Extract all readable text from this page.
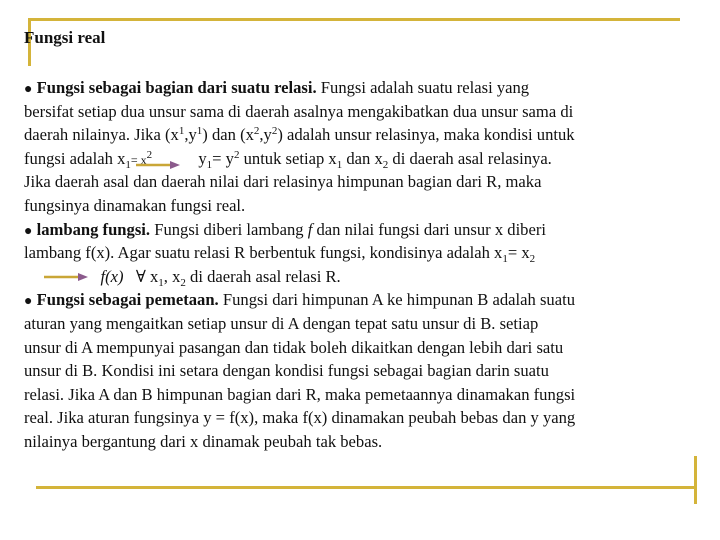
Fungsi real
● Fungsi sebagai bagian dari suatu relasi. Fungsi adalah suatu relasi yang
bersifat setiap dua unsur sama di daerah asalnya mengakibatkan dua unsur sama di
daerah nilainya. Jika $(x^1,y^1)$ dan $(x^2,y^2)$ adalah unsur relasinya, maka kondisi untuk
fungsi adalah $x_1= x^2$	$y_1= y^2$ untuk setiap $x_1$ dan $x_2$ di daerah asal relasinya.
Jika daerah asal dan daerah nilai dari relasinya himpunan bagian dari R, maka
fungsinya dinamakan fungsi real.
● lambang fungsi. Fungsi diberi lambang f dan nilai fungsi dari unsur x diberi
lambang f(x). Agar suatu relasi R berbentuk fungsi, kondisinya adalah $x_1= x_2$

f(x) ∀ $x_1$, $x_2$ di daerah asal relasi R.
● Fungsi sebagai pemetaan. Fungsi dari himpunan A ke himpunan B adalah suatu
aturan yang mengaitkan setiap unsur di A dengan tepat satu unsur di B. setiap
unsur di A mempunyai pasangan dan tidak boleh dikaitkan dengan lebih dari satu
unsur di B. Kondisi ini setara dengan kondisi fungsi sebagai bagian darin suatu
relasi. Jika A dan B himpunan bagian dari R, maka pemetaannya dinamakan fungsi
real. Jika aturan fungsinya y = f(x), maka f(x) dinamakan peubah bebas dan y yang
nilainya bergantung dari x dinamak peubah tak bebas.
